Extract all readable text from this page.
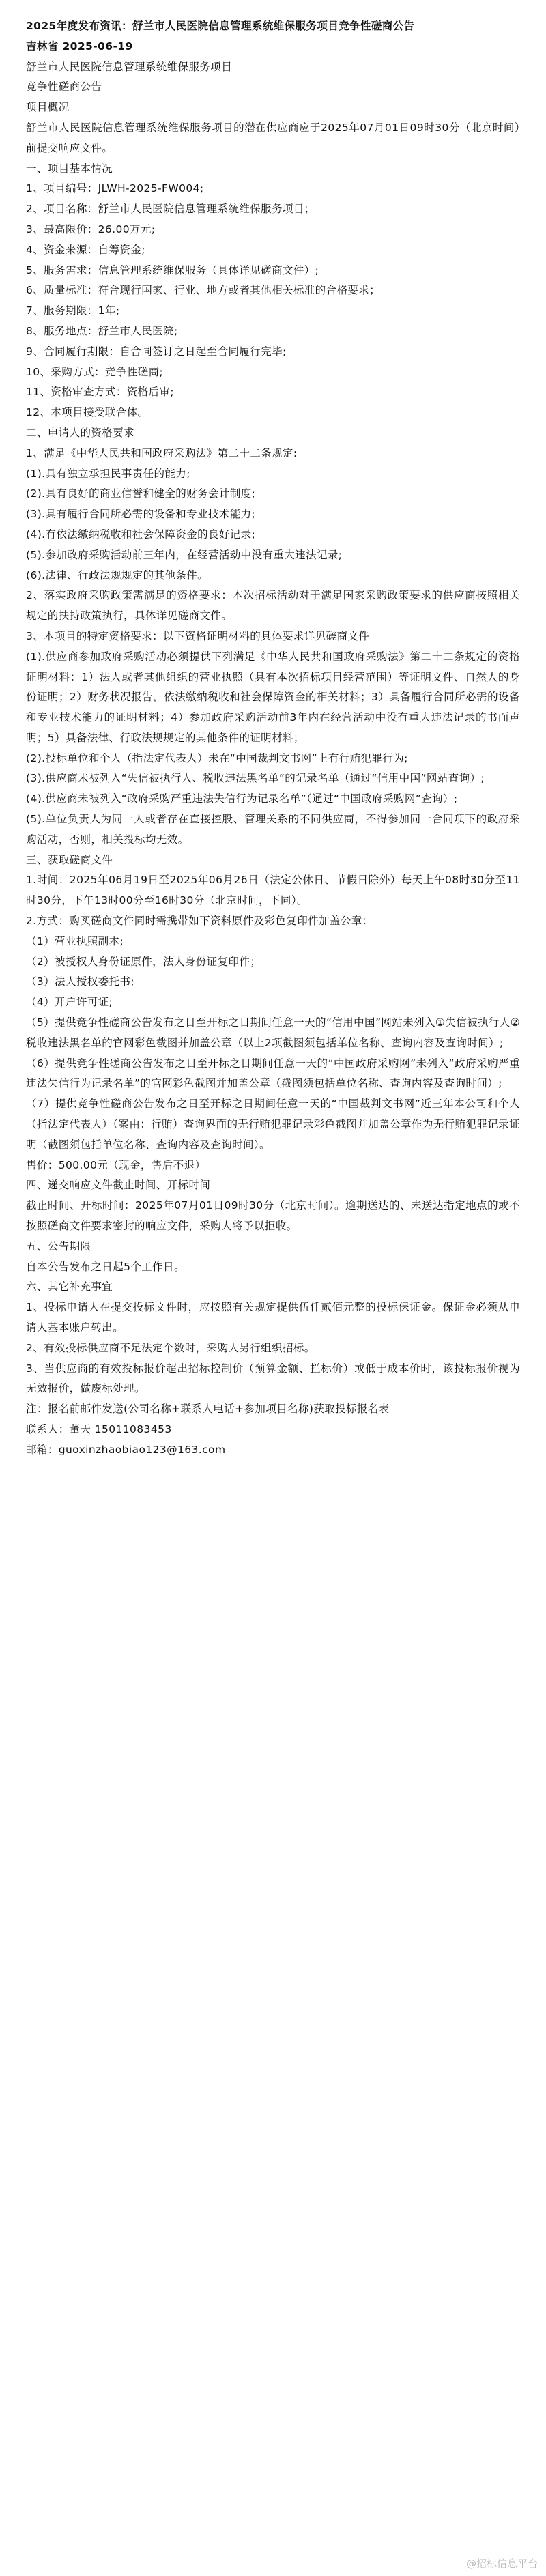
2025年度发布资讯：舒兰市人民医院信息管理系统维保服务项目竞争性磋商公告

吉林省 2025-06-19

舒兰市人民医院信息管理系统维保服务项目

竞争性磋商公告

项目概况

舒兰市人民医院信息管理系统维保服务项目的潜在供应商应于2025年07月01日09时30分（北京时间）前提交响应文件。

一、项目基本情况

1、项目编号：JLWH-2025-FW004;

2、项目名称：舒兰市人民医院信息管理系统维保服务项目；

3、最高限价：26.00万元;

4、资金来源：自筹资金;

5、服务需求：信息管理系统维保服务（具体详见磋商文件）;

6、质量标准：符合现行国家、行业、地方或者其他相关标准的合格要求；

7、服务期限：1年;

8、服务地点：舒兰市人民医院;

9、合同履行期限：自合同签订之日起至合同履行完毕;

10、采购方式：竞争性磋商;

11、资格审查方式：资格后审;

12、本项目接受联合体。

二、申请人的资格要求

1、满足《中华人民共和国政府采购法》第二十二条规定:

(1).具有独立承担民事责任的能力;

(2).具有良好的商业信誉和健全的财务会计制度;

(3).具有履行合同所必需的设备和专业技术能力;

(4).有依法缴纳税收和社会保障资金的良好记录;

(5).参加政府采购活动前三年内，在经营活动中没有重大违法记录;

(6).法律、行政法规规定的其他条件。

2、落实政府采购政策需满足的资格要求：本次招标活动对于满足国家采购政策要求的供应商按照相关规定的扶持政策执行，具体详见磋商文件。

3、本项目的特定资格要求：以下资格证明材料的具体要求详见磋商文件

(1).供应商参加政府采购活动必须提供下列满足《中华人民共和国政府采购法》第二十二条规定的资格证明材料：1）法人或者其他组织的营业执照（具有本次招标项目经营范围）等证明文件、自然人的身份证明；2）财务状况报告，依法缴纳税收和社会保障资金的相关材料；3）具备履行合同所必需的设备和专业技术能力的证明材料；4）参加政府采购活动前3年内在经营活动中没有重大违法记录的书面声明；5）具备法律、行政法规规定的其他条件的证明材料；

(2).投标单位和个人（指法定代表人）未在“中国裁判文书网”上有行贿犯罪行为;

(3).供应商未被列入“失信被执行人、税收违法黑名单”的记录名单（通过“信用中国”网站查询）;

(4).供应商未被列入“政府采购严重违法失信行为记录名单”（通过“中国政府采购网”查询）;

(5).单位负责人为同一人或者存在直接控股、管理关系的不同供应商，不得参加同一合同项下的政府采购活动，否则，相关投标均无效。

三、获取磋商文件

1.时间：2025年06月19日至2025年06月26日（法定公休日、节假日除外）每天上午08时30分至11时30分，下午13时00分至16时30分（北京时间，下同）。

2.方式：购买磋商文件同时需携带如下资料原件及彩色复印件加盖公章：

（1）营业执照副本;

（2）被授权人身份证原件，法人身份证复印件；

（3）法人授权委托书;

（4）开户许可证;

（5）提供竞争性磋商公告发布之日至开标之日期间任意一天的“信用中国”网站未列入①失信被执行人②税收违法黑名单的官网彩色截图并加盖公章（以上2项截图须包括单位名称、查询内容及查询时间）;

（6）提供竞争性磋商公告发布之日至开标之日期间任意一天的“中国政府采购网”未列入“政府采购严重违法失信行为记录名单”的官网彩色截图并加盖公章（截图须包括单位名称、查询内容及查询时间）;

（7）提供竞争性磋商公告发布之日至开标之日期间任意一天的“中国裁判文书网”近三年本公司和个人（指法定代表人）（案由：行贿）查询界面的无行贿犯罪记录彩色截图并加盖公章作为无行贿犯罪记录证明（截图须包括单位名称、查询内容及查询时间）。

售价：500.00元（现金，售后不退）

四、递交响应文件截止时间、开标时间

截止时间、开标时间：2025年07月01日09时30分（北京时间）。逾期送达的、未送达指定地点的或不按照磋商文件要求密封的响应文件，采购人将予以拒收。

五、公告期限

自本公告发布之日起5个工作日。

六、其它补充事宜

1、投标申请人在提交投标文件时，应按照有关规定提供伍仟贰佰元整的投标保证金。保证金必须从申请人基本账户转出。

2、有效投标供应商不足法定个数时，采购人另行组织招标。

3、当供应商的有效投标报价超出招标控制价（预算金额、拦标价）或低于成本价时，该投标报价视为无效报价，做废标处理。

注：报名前邮件发送(公司名称+联系人电话+参加项目名称)获取投标报名表

联系人：董天 15011083453

邮箱：guoxinzhaobiao123@163.com

@招标信息平台
